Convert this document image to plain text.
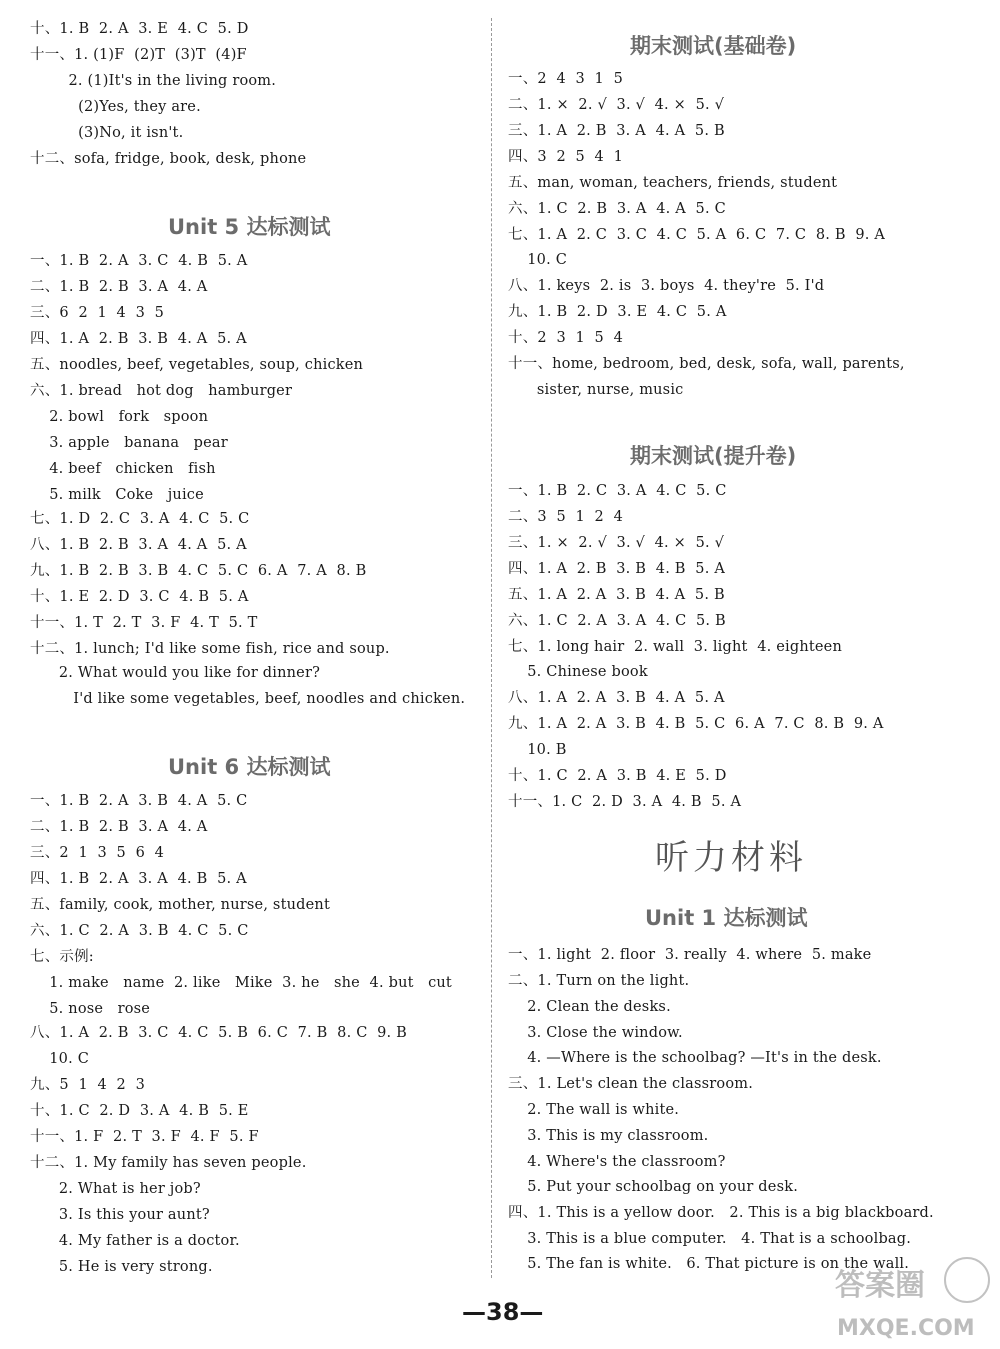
十、1. B  2. A  3. E  4. C  5. D
十一、1. (1)F  (2)T  (3)T  (4)F
2. (1)It's in the living room.
(2)Yes, they are.
(3)No, it isn't.
十二、sofa, fridge, book, desk, phone
Unit 5 达标测试
一、1. B  2. A  3. C  4. B  5. A
二、1. B  2. B  3. A  4. A
三、6  2  1  4  3  5
四、1. A  2. B  3. B  4. A  5. A
五、noodles, beef, vegetables, soup, chicken
六、1. bread   hot dog   hamburger
2. bowl   fork   spoon
3. apple   banana   pear
4. beef   chicken   fish
5. milk   Coke   juice
七、1. D  2. C  3. A  4. C  5. C
八、1. B  2. B  3. A  4. A  5. A
九、1. B  2. B  3. B  4. C  5. C  6. A  7. A  8. B
十、1. E  2. D  3. C  4. B  5. A
十一、1. T  2. T  3. F  4. T  5. T
十二、1. lunch; I'd like some fish, rice and soup.
2. What would you like for dinner?
I'd like some vegetables, beef, noodles and chicken.
Unit 6 达标测试
一、1. B  2. A  3. B  4. A  5. C
二、1. B  2. B  3. A  4. A
三、2  1  3  5  6  4
四、1. B  2. A  3. A  4. B  5. A
五、family, cook, mother, nurse, student
六、1. C  2. A  3. B  4. C  5. C
七、示例:
1. make   name  2. like   Mike  3. he   she  4. but   cut
5. nose   rose
八、1. A  2. B  3. C  4. C  5. B  6. C  7. B  8. C  9. B
10. C
九、5  1  4  2  3
十、1. C  2. D  3. A  4. B  5. E
十一、1. F  2. T  3. F  4. F  5. F
十二、1. My family has seven people.
2. What is her job?
3. Is this your aunt?
4. My father is a doctor.
5. He is very strong.
期末测试(基础卷)
一、2  4  3  1  5
二、1. ×  2. √  3. √  4. ×  5. √
三、1. A  2. B  3. A  4. A  5. B
四、3  2  5  4  1
五、man, woman, teachers, friends, student
六、1. C  2. B  3. A  4. A  5. C
七、1. A  2. C  3. C  4. C  5. A  6. C  7. C  8. B  9. A
10. C
八、1. keys  2. is  3. boys  4. they're  5. I'd
九、1. B  2. D  3. E  4. C  5. A
十、2  3  1  5  4
十一、home, bedroom, bed, desk, sofa, wall, parents,
sister, nurse, music
期末测试(提升卷)
一、1. B  2. C  3. A  4. C  5. C
二、3  5  1  2  4
三、1. ×  2. √  3. √  4. ×  5. √
四、1. A  2. B  3. B  4. B  5. A
五、1. A  2. A  3. B  4. A  5. B
六、1. C  2. A  3. A  4. C  5. B
七、1. long hair  2. wall  3. light  4. eighteen
5. Chinese book
八、1. A  2. A  3. B  4. A  5. A
九、1. A  2. A  3. B  4. B  5. C  6. A  7. C  8. B  9. A
10. B
十、1. C  2. A  3. B  4. E  5. D
十一、1. C  2. D  3. A  4. B  5. A
听力材料
Unit 1 达标测试
一、1. light  2. floor  3. really  4. where  5. make
二、1. Turn on the light.
2. Clean the desks.
3. Close the window.
4. —Where is the schoolbag? —It's in the desk.
三、1. Let's clean the classroom.
2. The wall is white.
3. This is my classroom.
4. Where's the classroom?
5. Put your schoolbag on your desk.
四、1. This is a yellow door.   2. This is a big blackboard.
3. This is a blue computer.   4. That is a schoolbag.
5. The fan is white.   6. That picture is on the wall.
—38—
答案圈
MXQE.COM
